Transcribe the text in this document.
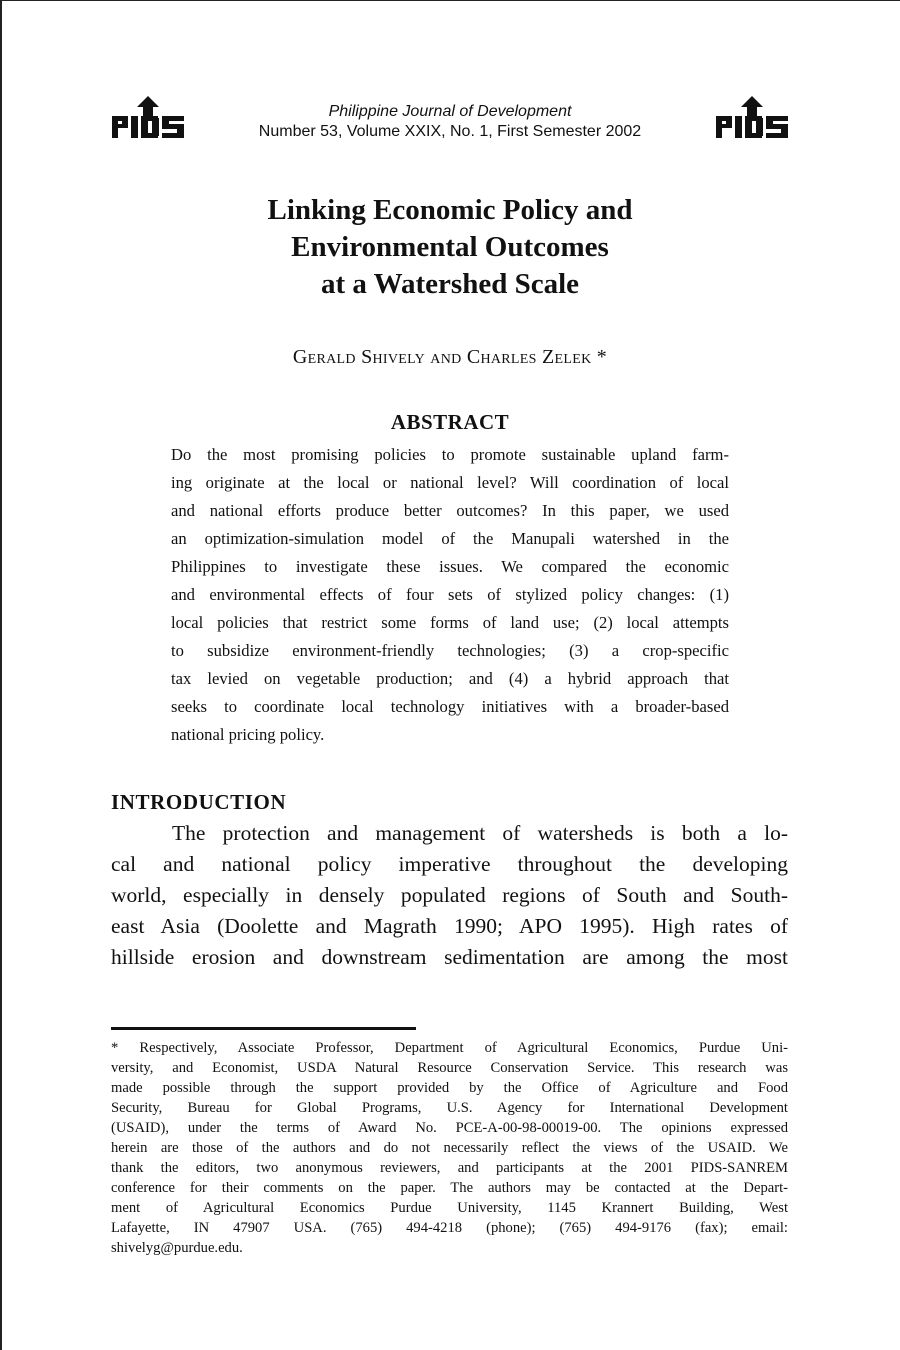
Philippine Journal of Development
Number 53, Volume XXIX, No. 1, First Semester 2002
Linking Economic Policy and
Environmental Outcomes
at a Watershed Scale
Gerald Shively and Charles Zelek *
ABSTRACT
Do the most promising policies to promote sustainable upland farm-
ing originate at the local or national level? Will coordination of local
and national efforts produce better outcomes? In this paper, we used
an optimization-simulation model of the Manupali watershed in the
Philippines to investigate these issues. We compared the economic
and environmental effects of four sets of stylized policy changes: (1)
local policies that restrict some forms of land use; (2) local attempts
to subsidize environment-friendly technologies; (3) a crop-specific
tax levied on vegetable production; and (4) a hybrid approach that
seeks to coordinate local technology initiatives with a broader-based
national pricing policy.
INTRODUCTION
The protection and management of watersheds is both a lo-
cal and national policy imperative throughout the developing
world, especially in densely populated regions of South and South-
east Asia (Doolette and Magrath 1990; APO 1995). High rates of
hillside erosion and downstream sedimentation are among the most
* Respectively, Associate Professor, Department of Agricultural Economics, Purdue Uni-
versity, and Economist, USDA Natural Resource Conservation Service. This research was
made possible through the support provided by the Office of Agriculture and Food
Security, Bureau for Global Programs, U.S. Agency for International Development
(USAID), under the terms of Award No. PCE-A-00-98-00019-00. The opinions expressed
herein are those of the authors and do not necessarily reflect the views of the USAID. We
thank the editors, two anonymous reviewers, and participants at the 2001 PIDS-SANREM
conference for their comments on the paper. The authors may be contacted at the Depart-
ment of Agricultural Economics Purdue University, 1145 Krannert Building, West
Lafayette, IN 47907 USA. (765) 494-4218 (phone); (765) 494-9176 (fax); email:
shivelyg@purdue.edu.
